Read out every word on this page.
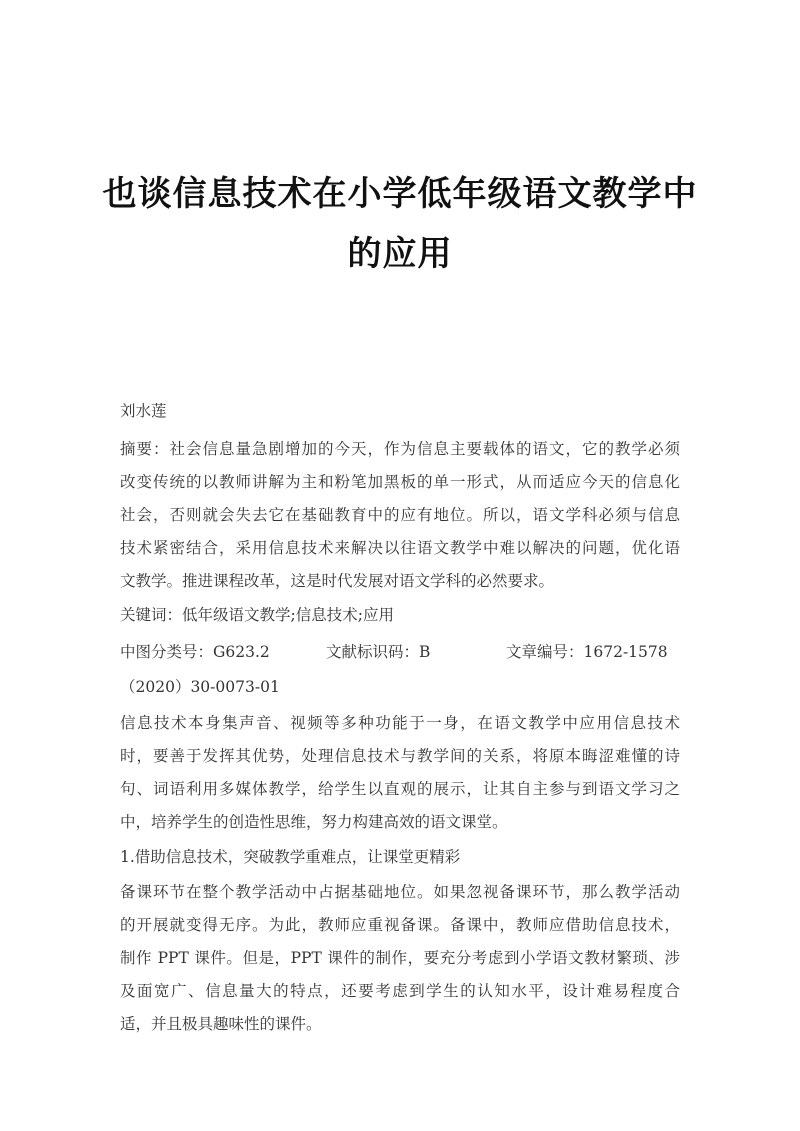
也谈信息技术在小学低年级语文教学中
的应用
刘水莲
摘要：社会信息量急剧增加的今天，作为信息主要载体的语文，它的教学必须
改变传统的以教师讲解为主和粉笔加黑板的单一形式，从而适应今天的信息化
社会，否则就会失去它在基础教育中的应有地位。所以，语文学科必须与信息
技术紧密结合，采用信息技术来解决以往语文教学中难以解决的问题，优化语
文教学。推进课程改革，这是时代发展对语文学科的必然要求。
关键词：低年级语文教学;信息技术;应用
中图分类号：G623.2	文献标识码：B	文章编号：1672-1578
（2020）30-0073-01
信息技术本身集声音、视频等多种功能于一身，在语文教学中应用信息技术
时，要善于发挥其优势，处理信息技术与教学间的关系，将原本晦涩难懂的诗
句、词语利用多媒体教学，给学生以直观的展示，让其自主参与到语文学习之
中，培养学生的创造性思维，努力构建高效的语文课堂。
1.借助信息技术，突破教学重难点，让课堂更精彩
备课环节在整个教学活动中占据基础地位。如果忽视备课环节，那么教学活动
的开展就变得无序。为此，教师应重视备课。备课中，教师应借助信息技术，
制作 PPT 课件。但是，PPT 课件的制作，要充分考虑到小学语文教材繁琐、涉
及面宽广、信息量大的特点，还要考虑到学生的认知水平，设计难易程度合
适，并且极具趣味性的课件。
